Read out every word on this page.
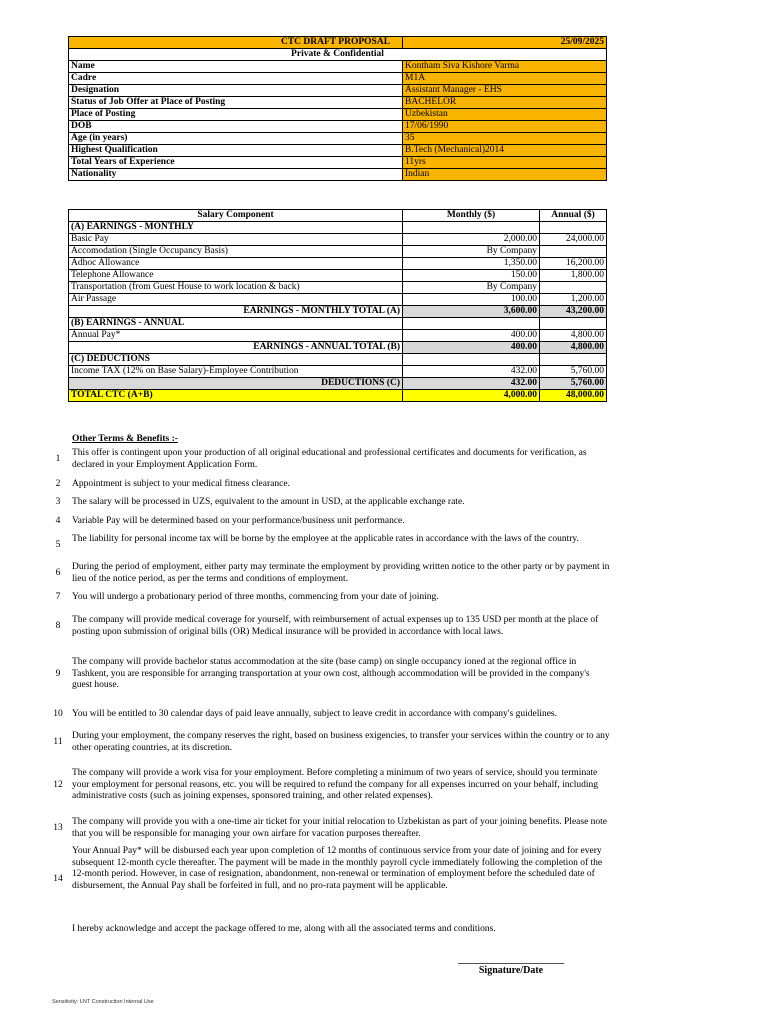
CTC DRAFT PROPOSAL	25/09/2025
Private & Confidential	
Name	Kontham Siva Kishore Varma
Cadre	M1A
Designation	Assistant Manager - EHS
Status of Job Offer at Place of Posting	BACHELOR
Place of Posting	Uzbekistan
DOB	17/06/1990
Age (in years)	35
Highest Qualification	B.Tech (Mechanical)2014
Total Years of Experience	11yrs
Nationality	Indian
Salary Component	Monthly ($)	Annual ($)
(A) EARNINGS - MONTHLY		
Basic Pay	2,000.00	24,000.00
Accomodation (Single Occupancy Basis)	By Company	
Adhoc Allowance	1,350.00	16,200.00
Telephone Allowance	150.00	1,800.00
Transportation (from Guest House to work location & back)	By Company	
Air Passage	100.00	1,200.00
EARNINGS - MONTHLY TOTAL (A)	3,600.00	43,200.00
(B) EARNINGS - ANNUAL		
Annual Pay*	400.00	4,800.00
EARNINGS - ANNUAL TOTAL (B)	400.00	4,800.00
(C) DEDUCTIONS		
Income TAX (12% on Base Salary)-Employee Contribution	432.00	5,760.00
DEDUCTIONS (C)	432.00	5,760.00
TOTAL CTC (A+B)	4,000.00	48,000.00
Other Terms & Benefits :-
1
This offer is contingent upon your production of all original educational and professional certificates and documents for verification, as declared in your Employment Application Form.
2	Appointment is subject to your medical fitness clearance.
3	The salary will be processed in UZS, equivalent to the amount in USD, at the applicable exchange rate.
4	Variable Pay will be determined based on your performance/business unit performance.
5
The liability for personal income tax will be borne by the employee at the applicable rates in accordance with the laws of the country.
6
During the period of employment, either party may terminate the employment by providing written notice to the other party or by payment in lieu of the notice period, as per the terms and conditions of employment.
7	You will undergo a probationary period of three months, commencing from your date of joining.
8
The company will provide medical coverage for yourself, with reimbursement of actual expenses up to 135 USD per month at the place of posting upon submission of original bills (OR) Medical insurance will be provided in accordance with local laws.
9
The company will provide bachelor status accommodation at the site (base camp) on single occupancy ioned at the regional office in Tashkent, you are responsible for arranging transportation at your own cost, although accommodation will be provided in the company's guest house.
10 You will be entitled to 30 calendar days of paid leave annually, subject to leave credit in accordance with company's guidelines.
11
During your employment, the company reserves the right, based on business exigencies, to transfer your services within the country or to any other operating countries, at its discretion.
12
The company will provide a work visa for your employment. Before completing a minimum of two years of service, should you terminate your employment for personal reasons, etc. you will be required to refund the company for all expenses incurred on your behalf, including administrative costs (such as joining expenses, sponsored training, and other related expenses).
13
The company will provide you with a one-time air ticket for your initial relocation to Uzbekistan as part of your joining benefits. Please note that you will be responsible for managing your own airfare for vacation purposes thereafter.
14
Your Annual Pay* will be disbursed each year upon completion of 12 months of continuous service from your date of joining and for every subsequent 12-month cycle thereafter. The payment will be made in the monthly payroll cycle immediately following the completion of the 12-month period. However, in case of resignation, abandonment, non-renewal or termination of employment before the scheduled date of disbursement, the Annual Pay shall be forfeited in full, and no pro-rata payment will be applicable.
I hereby acknowledge and accept the package offered to me, along with all the associated terms and conditions.
Signature/Date
Sensitivity: LNT Construction Internal Use
